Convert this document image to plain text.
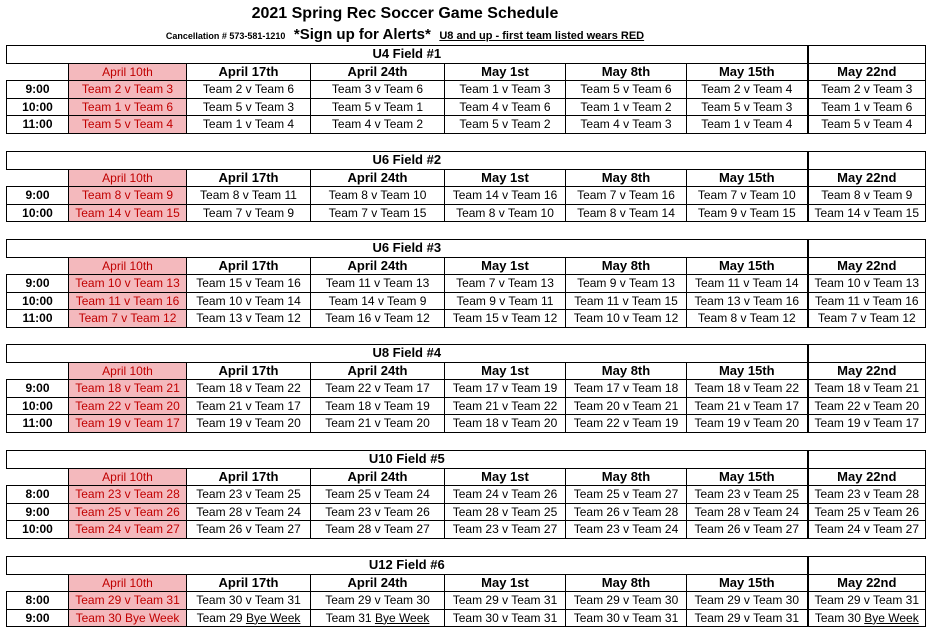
2021 Spring Rec Soccer Game Schedule
Cancellation # 573-581-1210 *Sign up for Alerts* U8 and up - first team listed wears RED
U4 Field #1							
	April 10th	April 17th	April 24th	May 1st	May 8th	May 15th	May 22nd
9:00	Team 2 v Team 3	Team 2 v Team 6	Team 3 v Team 6	Team 1 v Team 3	Team 5 v Team 6	Team 2 v Team 4	Team 2 v Team 3
10:00	Team 1 v Team 6	Team 5 v Team 3	Team 5 v Team 1	Team 4 v Team 6	Team 1 v Team 2	Team 5 v Team 3	Team 1 v Team 6
11:00	Team 5 v Team 4	Team 1 v Team 4	Team 4 v Team 2	Team 5 v Team 2	Team 4 v Team 3	Team 1 v Team 4	Team 5 v Team 4
U6 Field #2							
	April 10th	April 17th	April 24th	May 1st	May 8th	May 15th	May 22nd
9:00	Team 8 v Team 9	Team 8 v Team 11	Team 8 v Team 10	Team 14 v Team 16	Team 7 v Team 16	Team 7 v Team 10	Team 8 v Team 9
10:00	Team 14 v Team 15	Team 7 v Team 9	Team 7 v Team 15	Team 8 v Team 10	Team 8 v Team 14	Team 9 v Team 15	Team 14 v Team 15
U6 Field #3							
	April 10th	April 17th	April 24th	May 1st	May 8th	May 15th	May 22nd
9:00	Team 10 v Team 13	Team 15 v Team 16	Team 11 v Team 13	Team 7 v Team 13	Team 9 v Team 13	Team 11 v Team 14	Team 10 v Team 13
10:00	Team 11 v Team 16	Team 10 v Team 14	Team 14 v Team 9	Team 9 v Team 11	Team 11 v Team 15	Team 13 v Team 16	Team 11 v Team 16
11:00	Team 7 v Team 12	Team 13 v Team 12	Team 16 v Team 12	Team 15 v Team 12	Team 10 v Team 12	Team 8 v Team 12	Team 7 v Team 12
U8 Field #4							
	April 10th	April 17th	April 24th	May 1st	May 8th	May 15th	May 22nd
9:00	Team 18 v Team 21	Team 18 v Team 22	Team 22 v Team 17	Team 17 v Team 19	Team 17 v Team 18	Team 18 v Team 22	Team 18 v Team 21
10:00	Team 22 v Team 20	Team 21 v Team 17	Team 18 v Team 19	Team 21 v Team 22	Team 20 v Team 21	Team 21 v Team 17	Team 22 v Team 20
11:00	Team 19 v Team 17	Team 19 v Team 20	Team 21 v Team 20	Team 18 v Team 20	Team 22 v Team 19	Team 19 v Team 20	Team 19 v Team 17
U10 Field #5							
	April 10th	April 17th	April 24th	May 1st	May 8th	May 15th	May 22nd
8:00	Team 23 v Team 28	Team 23 v Team 25	Team 25 v Team 24	Team 24 v Team 26	Team 25 v Team 27	Team 23 v Team 25	Team 23 v Team 28
9:00	Team 25 v Team 26	Team 28 v Team 24	Team 23 v Team 26	Team 28 v Team 25	Team 26 v Team 28	Team 28 v Team 24	Team 25 v Team 26
10:00	Team 24 v Team 27	Team 26 v Team 27	Team 28 v Team 27	Team 23 v Team 27	Team 23 v Team 24	Team 26 v Team 27	Team 24 v Team 27
U12 Field #6							
	April 10th	April 17th	April 24th	May 1st	May 8th	May 15th	May 22nd
8:00	Team 29 v Team 31	Team 30 v Team 31	Team 29 v Team 30	Team 29 v Team 31	Team 29 v Team 30	Team 29 v Team 30	Team 29 v Team 31
9:00	Team 30 Bye Week	Team 29 Bye Week	Team 31 Bye Week	Team 30 v Team 31	Team 30 v Team 31	Team 29 v Team 31	Team 30 Bye Week
